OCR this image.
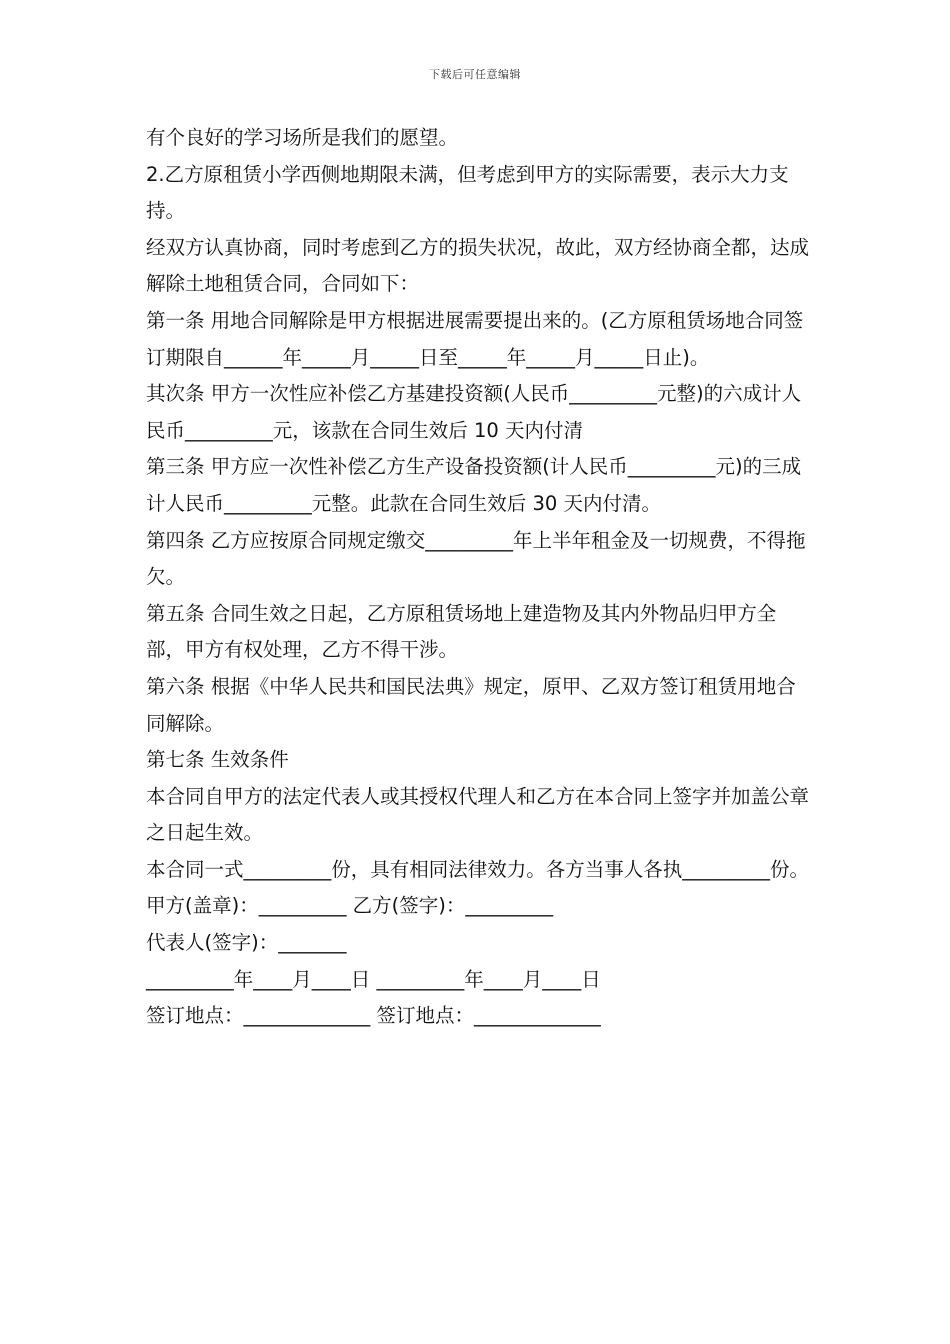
下载后可任意编辑

有个良好的学习场所是我们的愿望。

2.乙方原租赁小学西侧地期限未满，但考虑到甲方的实际需要，表示大力支持。

经双方认真协商，同时考虑到乙方的损失状况，故此，双方经协商全都，达成解除土地租赁合同，合同如下：

第一条 用地合同解除是甲方根据进展需要提出来的。(乙方原租赁场地合同签订期限自______年_____月_____日至_____年_____月_____日止)。

其次条 甲方一次性应补偿乙方基建投资额(人民币_________元整)的六成计人民币_________元，该款在合同生效后 10 天内付清

第三条 甲方应一次性补偿乙方生产设备投资额(计人民币_________元)的三成计人民币_________元整。此款在合同生效后 30 天内付清。

第四条 乙方应按原合同规定缴交_________年上半年租金及一切规费，不得拖欠。

第五条 合同生效之日起，乙方原租赁场地上建造物及其内外物品归甲方全部，甲方有权处理，乙方不得干涉。

第六条 根据《中华人民共和国民法典》规定，原甲、乙双方签订租赁用地合同解除。

第七条 生效条件

本合同自甲方的法定代表人或其授权代理人和乙方在本合同上签字并加盖公章之日起生效。

本合同一式_________份，具有相同法律效力。各方当事人各执_________份。

甲方(盖章)：_________ 乙方(签字)：_________

代表人(签字)：_______

_________年____月____日 _________年____月____日

签订地点：_____________ 签订地点：_____________
